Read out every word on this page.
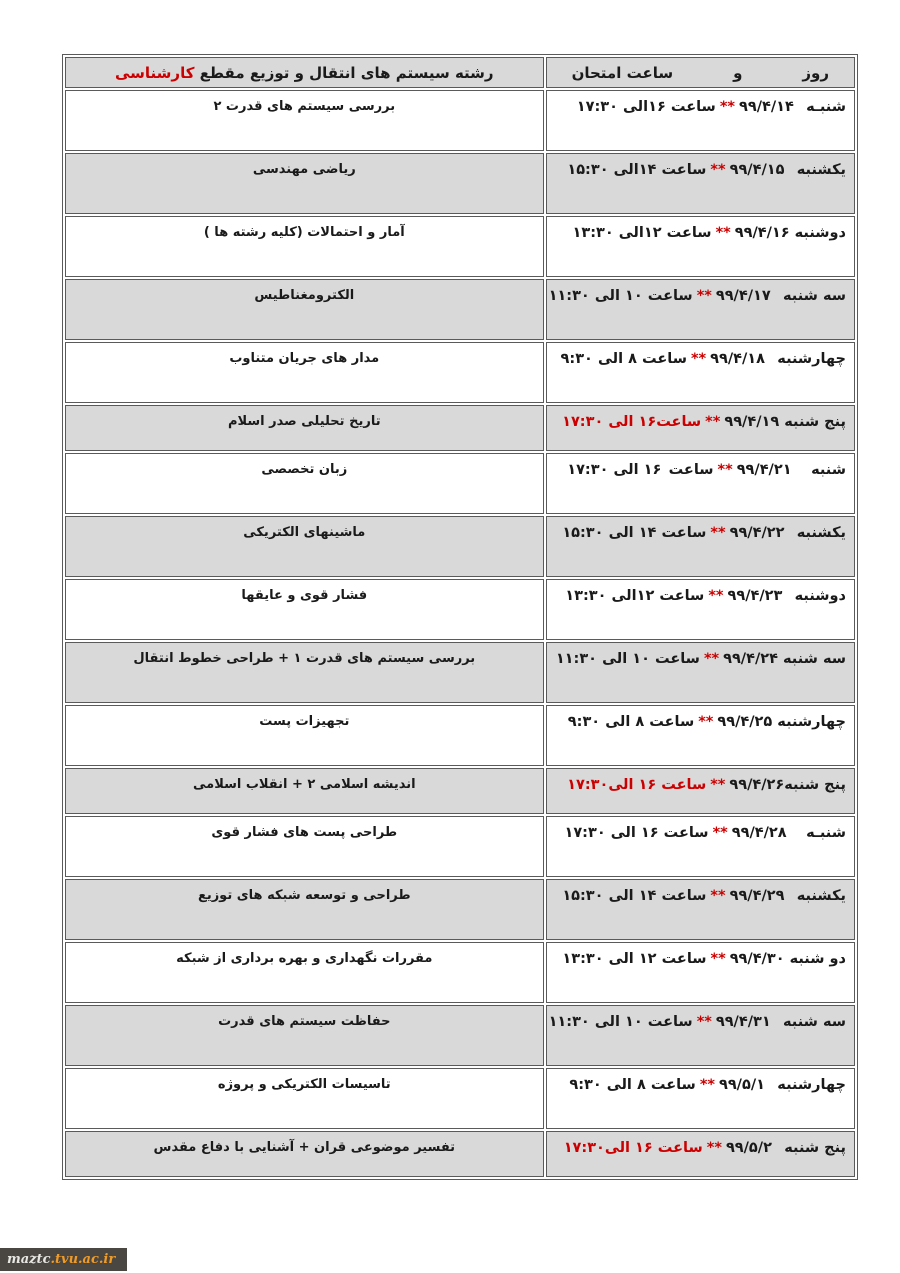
روز    و    ساعت امتحان	رشته سیستم های انتقال و توزیع مقطع کارشناسی
شنبـه  ۹۹/۴/۱۴**ساعت ۱۶الی ۱۷:۳۰	بررسی سیستم های قدرت ۲
یکشنبه  ۹۹/۴/۱۵**ساعت ۱۴الی ۱۵:۳۰	ریاضی مهندسی
دوشنبه ۹۹/۴/۱۶**ساعت ۱۲الی ۱۳:۳۰	آمار و احتمالات (کلیه رشته ها )
سه شنبه  ۹۹/۴/۱۷**ساعت ۱۰ الی ۱۱:۳۰	الکترومغناطیس
چهارشنبه  ۹۹/۴/۱۸**ساعت ۸ الی ۹:۳۰	مدار های جریان متناوب
پنج شنبه ۹۹/۴/۱۹**ساعت۱۶ الی ۱۷:۳۰	تاریخ تحلیلی صدر اسلام
شنبه   ۹۹/۴/۲۱**ساعت ۱۶ الی ۱۷:۳۰	زبان تخصصی
یکشنبه  ۹۹/۴/۲۲**ساعت ۱۴ الی ۱۵:۳۰	ماشینهای الکتریکی
دوشنبه  ۹۹/۴/۲۳**ساعت ۱۲الی ۱۳:۳۰	فشار قوی و عایقها
سه شنبه ۹۹/۴/۲۴**ساعت ۱۰ الی ۱۱:۳۰	بررسی سیستم های قدرت ۱ + طراحی خطوط انتقال
چهارشنبه ۹۹/۴/۲۵**ساعت ۸ الی ۹:۳۰	تجهیزات پست
پنج شنبه۹۹/۴/۲۶**ساعت ۱۶ الی۱۷:۳۰	اندیشه اسلامی ۲ + انقلاب اسلامی
شنبـه   ۹۹/۴/۲۸**ساعت ۱۶ الی ۱۷:۳۰	طراحی پست های فشار قوی
یکشنبه  ۹۹/۴/۲۹**ساعت ۱۴ الی ۱۵:۳۰	طراحی و توسعه شبکه های توزیع
دو شنبه ۹۹/۴/۳۰**ساعت ۱۲ الی ۱۳:۳۰	مقررات نگهداری و بهره برداری از شبکه
سه شنبه  ۹۹/۴/۳۱**ساعت ۱۰ الی ۱۱:۳۰	حفاظت سیستم های قدرت
چهارشنبه  ۹۹/۵/۱**ساعت ۸ الی ۹:۳۰	تاسیسات الکتریکی و پروژه
پنج شنبه  ۹۹/۵/۲**ساعت ۱۶ الی۱۷:۳۰	تفسیر موضوعی قران + آشنایی با دفاع مقدس
maztc .tvu.ac.ir
